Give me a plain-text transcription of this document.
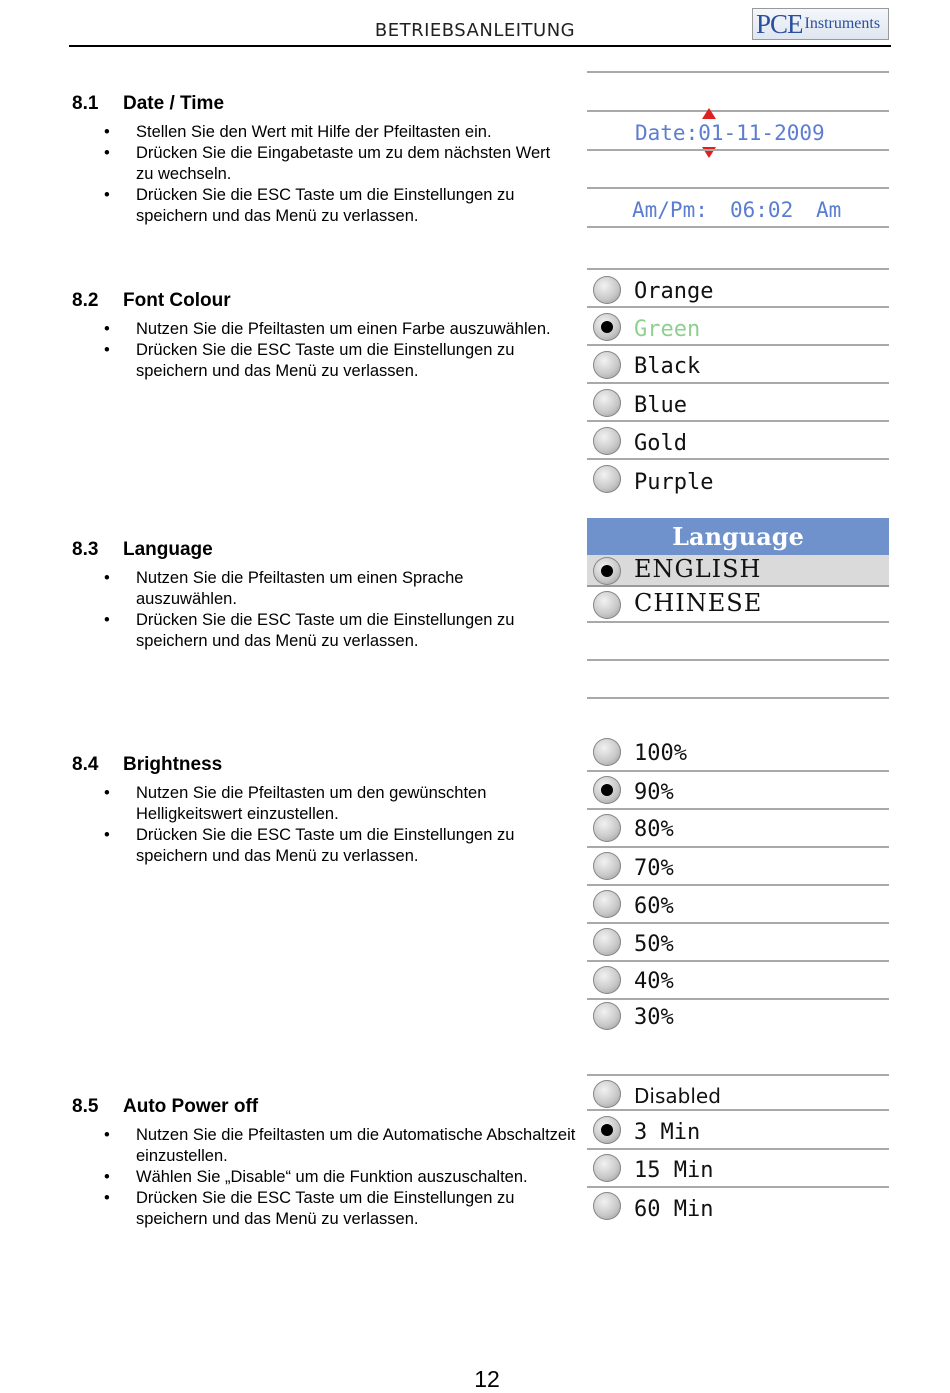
BETRIEBSANLEITUNG	PCE Instruments
8.1 Date / Time
• Stellen Sie den Wert mit Hilfe der Pfeiltasten ein.
• Drücken Sie die Eingabetaste um zu dem nächsten Wert zu wechseln.
• Drücken Sie die ESC Taste um die Einstellungen zu speichern und das Menü zu verlassen.
Date:01-11-2009
Am/Pm: 06:02 Am
8.2 Font Colour
• Nutzen Sie die Pfeiltasten um einen Farbe auszuwählen.
• Drücken Sie die ESC Taste um die Einstellungen zu speichern und das Menü zu verlassen.
Orange
Green
Black
Blue
Gold
Purple
8.3 Language
• Nutzen Sie die Pfeiltasten um einen Sprache auszuwählen.
• Drücken Sie die ESC Taste um die Einstellungen zu speichern und das Menü zu verlassen.
Language
ENGLISH
CHINESE
8.4 Brightness
• Nutzen Sie die Pfeiltasten um den gewünschten Helligkeitswert einzustellen.
• Drücken Sie die ESC Taste um die Einstellungen zu speichern und das Menü zu verlassen.
100%
90%
80%
70%
60%
50%
40%
30%
8.5 Auto Power off
• Nutzen Sie die Pfeiltasten um die Automatische Abschaltzeit einzustellen.
• Wählen Sie „Disable“ um die Funktion auszuschalten.
• Drücken Sie die ESC Taste um die Einstellungen zu speichern und das Menü zu verlassen.
Disabled
3 Min
15 Min
60 Min
12
